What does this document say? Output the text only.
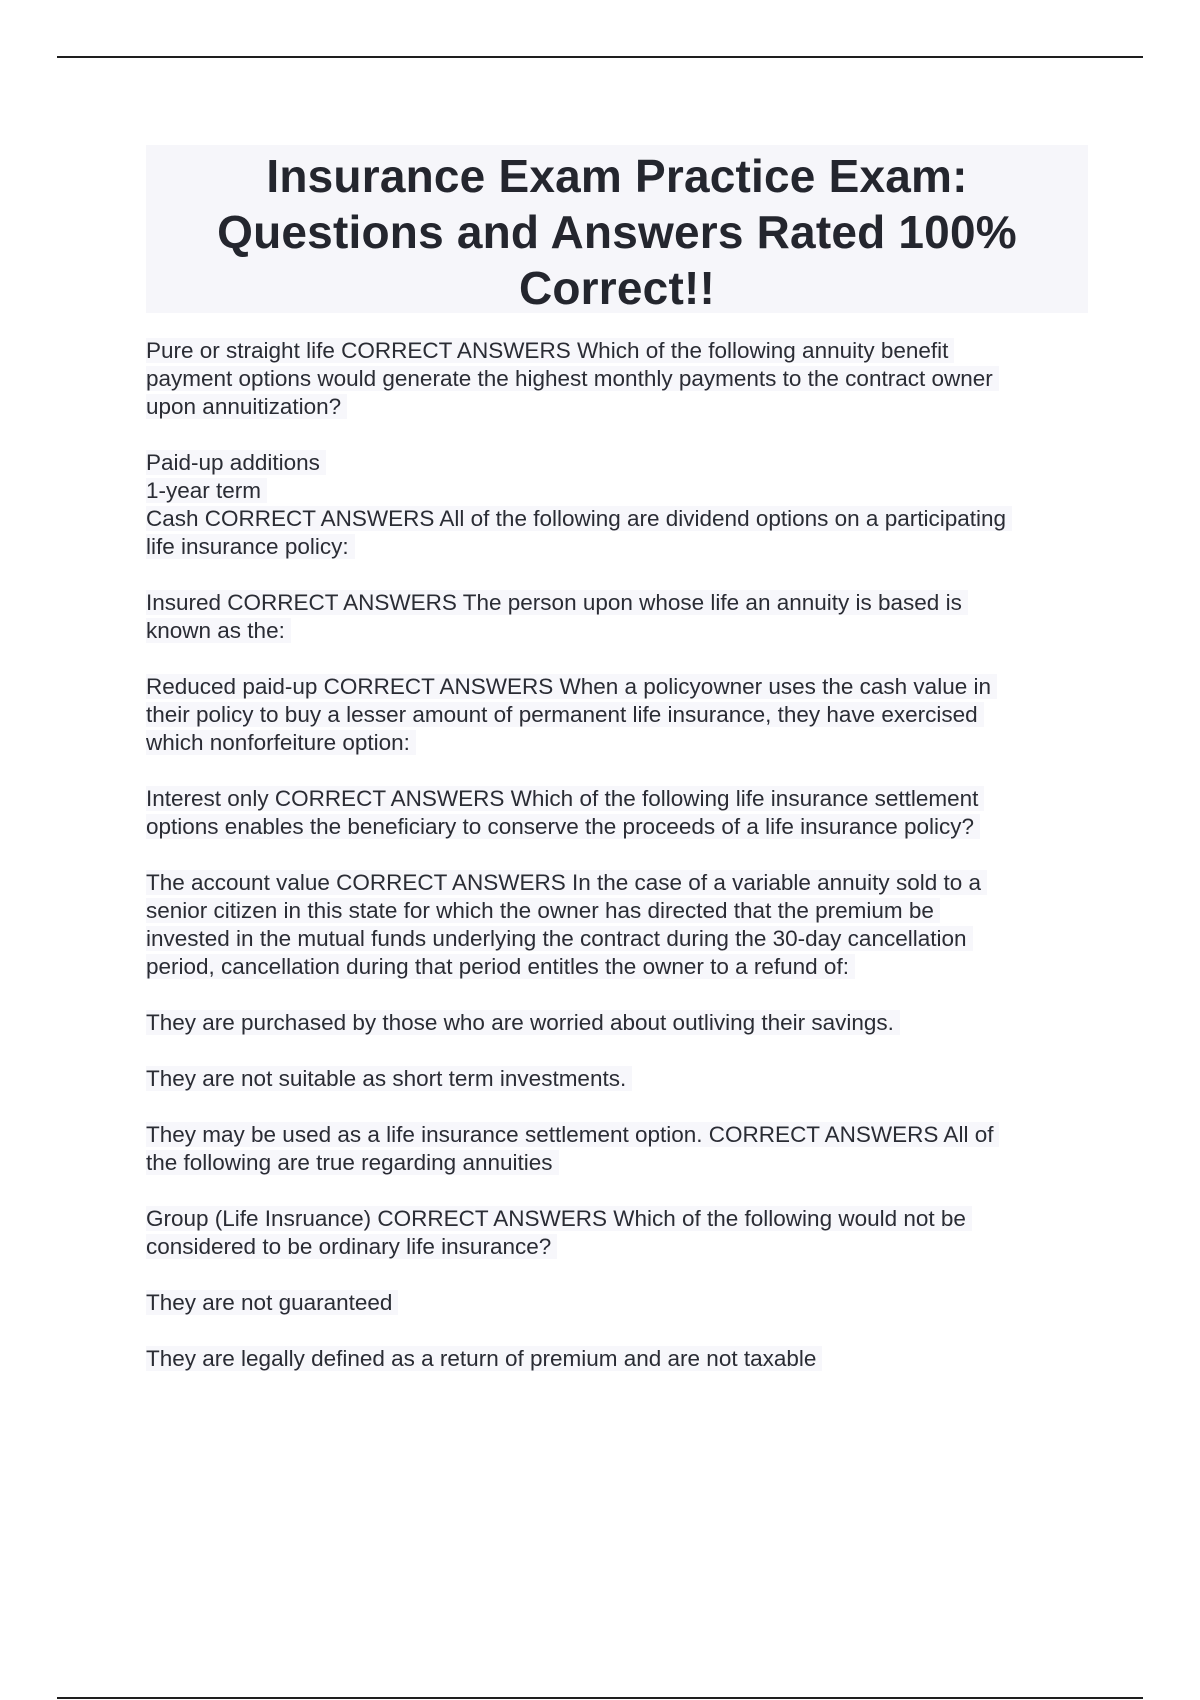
Insurance Exam Practice Exam:
Questions and Answers Rated 100%
Correct!!
Pure or straight life CORRECT ANSWERS Which of the following annuity benefit
payment options would generate the highest monthly payments to the contract owner
upon annuitization?
Paid-up additions
1-year term
Cash CORRECT ANSWERS All of the following are dividend options on a participating
life insurance policy:
Insured CORRECT ANSWERS The person upon whose life an annuity is based is
known as the:
Reduced paid-up CORRECT ANSWERS When a policyowner uses the cash value in
their policy to buy a lesser amount of permanent life insurance, they have exercised
which nonforfeiture option:
Interest only CORRECT ANSWERS Which of the following life insurance settlement
options enables the beneficiary to conserve the proceeds of a life insurance policy?
The account value CORRECT ANSWERS In the case of a variable annuity sold to a
senior citizen in this state for which the owner has directed that the premium be
invested in the mutual funds underlying the contract during the 30-day cancellation
period, cancellation during that period entitles the owner to a refund of:
They are purchased by those who are worried about outliving their savings.
They are not suitable as short term investments.
They may be used as a life insurance settlement option. CORRECT ANSWERS All of
the following are true regarding annuities
Group (Life Insruance) CORRECT ANSWERS Which of the following would not be
considered to be ordinary life insurance?
They are not guaranteed
They are legally defined as a return of premium and are not taxable
